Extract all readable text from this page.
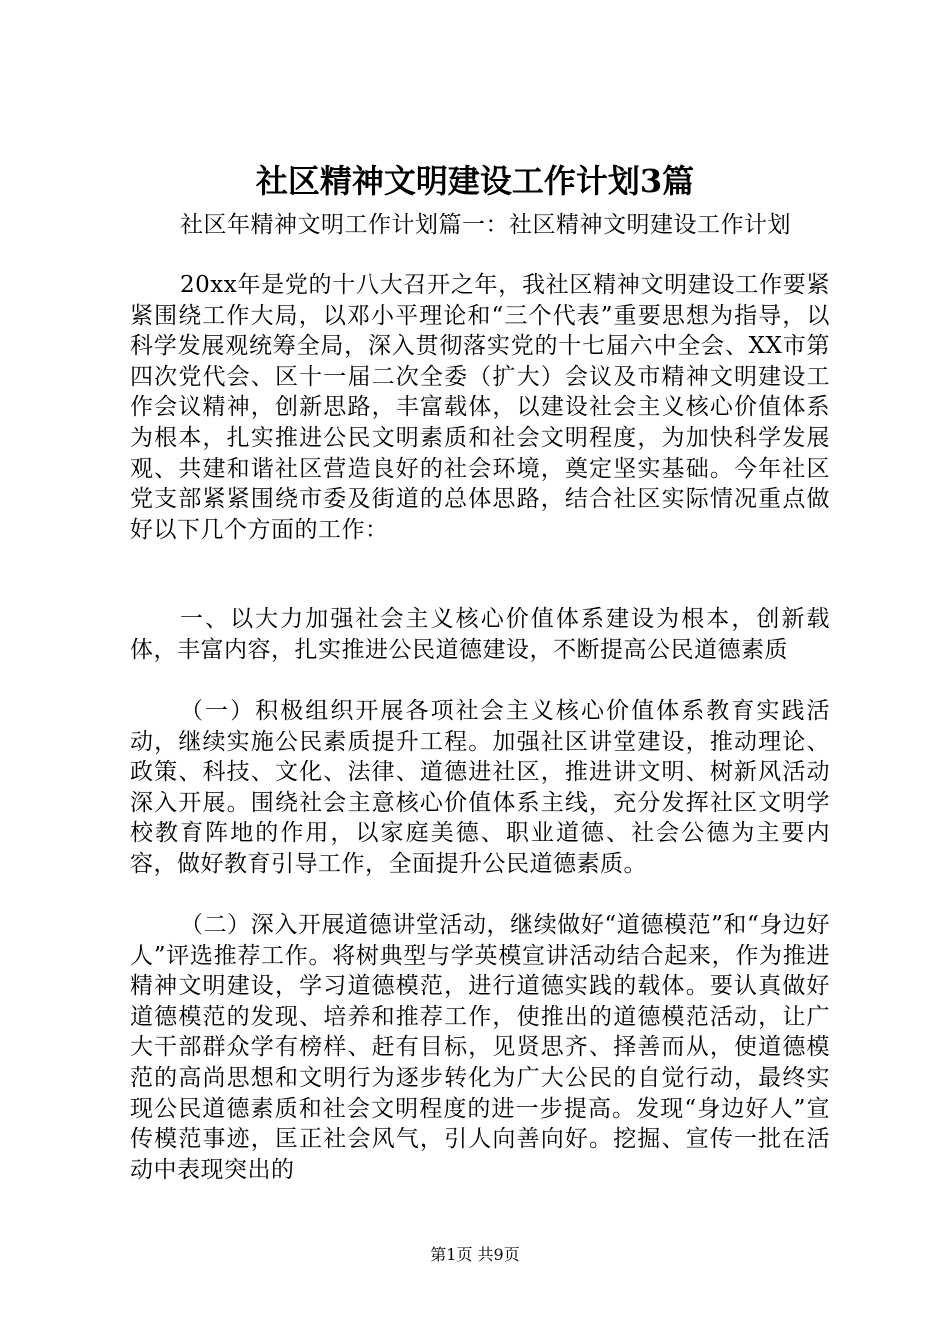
社区精神文明建设工作计划3篇
社区年精神文明工作计划篇一：社区精神文明建设工作计划
20xx年是党的十八大召开之年，我社区精神文明建设工作要紧紧围绕工作大局，以邓小平理论和“三个代表”重要思想为指导，以科学发展观统筹全局，深入贯彻落实党的十七届六中全会、XX市第四次党代会、区十一届二次全委（扩大）会议及市精神文明建设工作会议精神，创新思路，丰富载体，以建设社会主义核心价值体系为根本，扎实推进公民文明素质和社会文明程度，为加快科学发展观、共建和谐社区营造良好的社会环境，奠定坚实基础。今年社区党支部紧紧围绕市委及街道的总体思路，结合社区实际情况重点做好以下几个方面的工作：
一、以大力加强社会主义核心价值体系建设为根本，创新载体，丰富内容，扎实推进公民道德建设，不断提高公民道德素质
（一）积极组织开展各项社会主义核心价值体系教育实践活动，继续实施公民素质提升工程。加强社区讲堂建设，推动理论、政策、科技、文化、法律、道德进社区，推进讲文明、树新风活动深入开展。围绕社会主意核心价值体系主线，充分发挥社区文明学校教育阵地的作用，以家庭美德、职业道德、社会公德为主要内容，做好教育引导工作，全面提升公民道德素质。
（二）深入开展道德讲堂活动，继续做好“道德模范”和“身边好人”评选推荐工作。将树典型与学英模宣讲活动结合起来，作为推进精神文明建设，学习道德模范，进行道德实践的载体。要认真做好道德模范的发现、培养和推荐工作，使推出的道德模范活动，让广大干部群众学有榜样、赶有目标，见贤思齐、择善而从，使道德模范的高尚思想和文明行为逐步转化为广大公民的自觉行动，最终实现公民道德素质和社会文明程度的进一步提高。发现“身边好人”宣传模范事迹，匡正社会风气，引人向善向好。挖掘、宣传一批在活动中表现突出的
第1页 共9页
